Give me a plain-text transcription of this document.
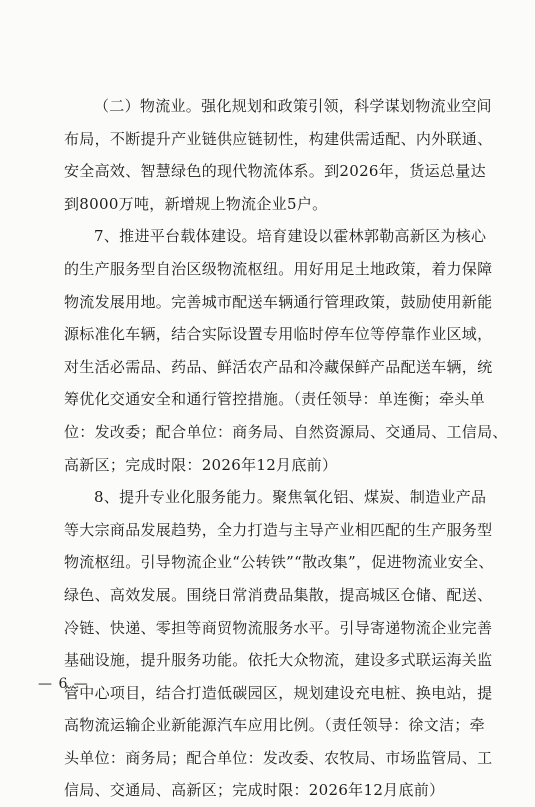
（二）物流业。强化规划和政策引领，科学谋划物流业空间
布局，不断提升产业链供应链韧性，构建供需适配、内外联通、
安全高效、智慧绿色的现代物流体系。到2026年，货运总量达
到8000万吨，新增规上物流企业5户。
7、推进平台载体建设。培育建设以霍林郭勒高新区为核心
的生产服务型自治区级物流枢纽。用好用足土地政策，着力保障
物流发展用地。完善城市配送车辆通行管理政策，鼓励使用新能
源标准化车辆，结合实际设置专用临时停车位等停靠作业区域，
对生活必需品、药品、鲜活农产品和冷藏保鲜产品配送车辆，统
筹优化交通安全和通行管控措施。（责任领导：单连衡；牵头单
位：发改委；配合单位：商务局、自然资源局、交通局、工信局、
高新区；完成时限：2026年12月底前）
8、提升专业化服务能力。聚焦氧化铝、煤炭、制造业产品
等大宗商品发展趋势，全力打造与主导产业相匹配的生产服务型
物流枢纽。引导物流企业“公转铁”“散改集”，促进物流业安全、
绿色、高效发展。围绕日常消费品集散，提高城区仓储、配送、
冷链、快递、零担等商贸物流服务水平。引导寄递物流企业完善
基础设施，提升服务功能。依托大众物流，建设多式联运海关监
管中心项目，结合打造低碳园区，规划建设充电桩、换电站，提
高物流运输企业新能源汽车应用比例。（责任领导：徐文洁；牵
头单位：商务局；配合单位：发改委、农牧局、市场监管局、工
信局、交通局、高新区；完成时限：2026年12月底前）
— 6 —
